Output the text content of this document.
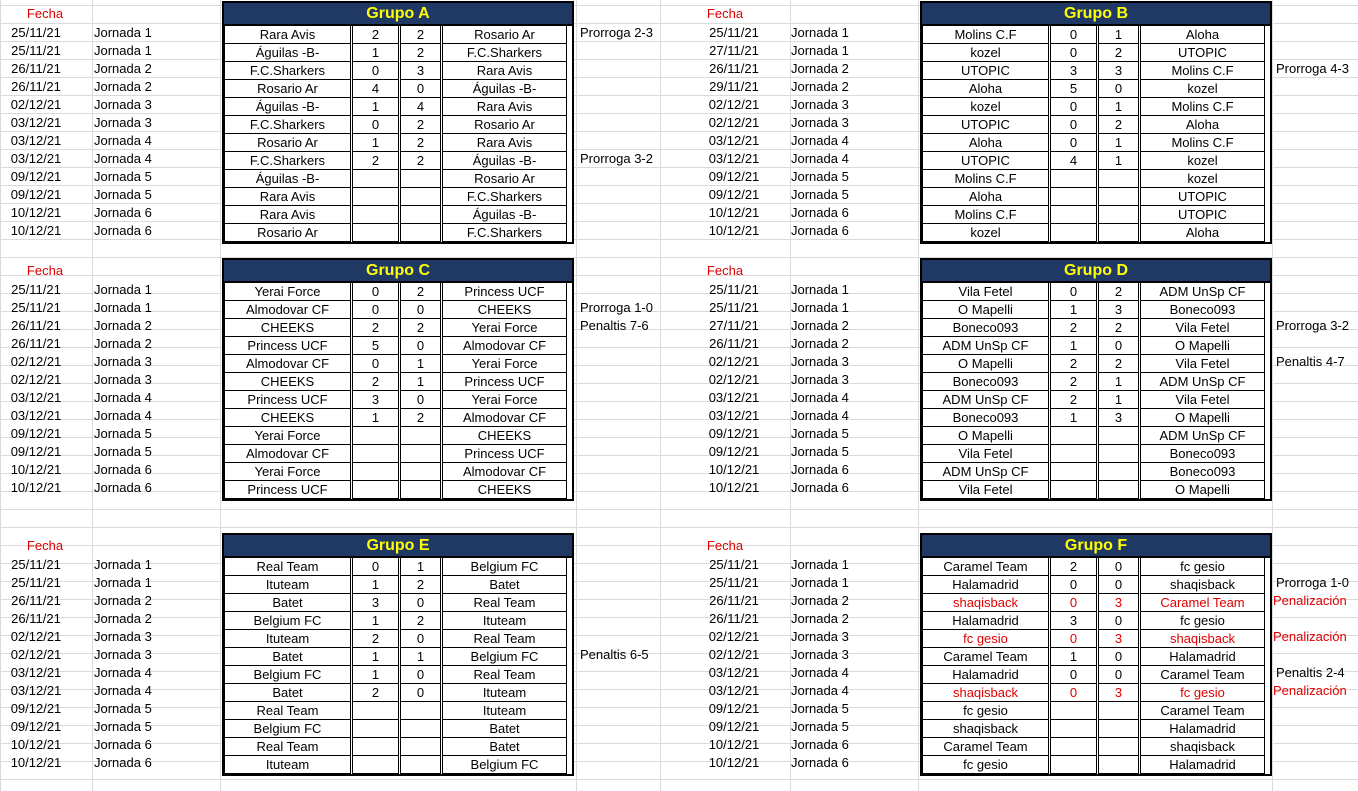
Fecha
25/11/21	Jornada 1	Prorroga 2-3
25/11/21	Jornada 1
26/11/21	Jornada 2
26/11/21	Jornada 2
02/12/21	Jornada 3
03/12/21	Jornada 3
03/12/21	Jornada 4
03/12/21	Jornada 4	Prorroga 3-2
09/12/21	Jornada 5
09/12/21	Jornada 5
10/12/21	Jornada 6
10/12/21	Jornada 6
Grupo A
Rara Avis	2	2	Rosario Ar
Águilas -B-	1	2	F.C.Sharkers
F.C.Sharkers	0	3	Rara Avis
Rosario Ar	4	0	Águilas -B-
Águilas -B-	1	4	Rara Avis
F.C.Sharkers	0	2	Rosario Ar
Rosario Ar	1	2	Rara Avis
F.C.Sharkers	2	2	Águilas -B-
Águilas -B-	Rosario Ar
Rara Avis	F.C.Sharkers
Rara Avis	Águilas -B-
Rosario Ar	F.C.Sharkers
Fecha
25/11/21	Jornada 1
27/11/21	Jornada 1
26/11/21	Jornada 2	Prorroga 4-3
29/11/21	Jornada 2
02/12/21	Jornada 3
02/12/21	Jornada 3
03/12/21	Jornada 4
03/12/21	Jornada 4
09/12/21	Jornada 5
09/12/21	Jornada 5
10/12/21	Jornada 6
10/12/21	Jornada 6
Grupo B
Molins C.F	0	1	Aloha
kozel	0	2	UTOPIC
UTOPIC	3	3	Molins C.F
Aloha	5	0	kozel
kozel	0	1	Molins C.F
UTOPIC	0	2	Aloha
Aloha	0	1	Molins C.F
UTOPIC	4	1	kozel
Molins C.F	kozel
Aloha	UTOPIC
Molins C.F	UTOPIC
kozel	Aloha
Fecha
25/11/21	Jornada 1
25/11/21	Jornada 1	Prorroga 1-0
26/11/21	Jornada 2	Penaltis 7-6
26/11/21	Jornada 2
02/12/21	Jornada 3
02/12/21	Jornada 3
03/12/21	Jornada 4
03/12/21	Jornada 4
09/12/21	Jornada 5
09/12/21	Jornada 5
10/12/21	Jornada 6
10/12/21	Jornada 6
Grupo C
Yerai Force	0	2	Princess UCF
Almodovar CF	0	0	CHEEKS
CHEEKS	2	2	Yerai Force
Princess UCF	5	0	Almodovar CF
Almodovar CF	0	1	Yerai Force
CHEEKS	2	1	Princess UCF
Princess UCF	3	0	Yerai Force
CHEEKS	1	2	Almodovar CF
Yerai Force	CHEEKS
Almodovar CF	Princess UCF
Yerai Force	Almodovar CF
Princess UCF	CHEEKS
Fecha
25/11/21	Jornada 1
25/11/21	Jornada 1
27/11/21	Jornada 2	Prorroga 3-2
26/11/21	Jornada 2
02/12/21	Jornada 3	Penaltis 4-7
02/12/21	Jornada 3
03/12/21	Jornada 4
03/12/21	Jornada 4
09/12/21	Jornada 5
09/12/21	Jornada 5
10/12/21	Jornada 6
10/12/21	Jornada 6
Grupo D
Vila Fetel	0	2	ADM UnSp CF
O Mapelli	1	3	Boneco093
Boneco093	2	2	Vila Fetel
ADM UnSp CF	1	0	O Mapelli
O Mapelli	2	2	Vila Fetel
Boneco093	2	1	ADM UnSp CF
ADM UnSp CF	2	1	Vila Fetel
Boneco093	1	3	O Mapelli
O Mapelli	ADM UnSp CF
Vila Fetel	Boneco093
ADM UnSp CF	Boneco093
Vila Fetel	O Mapelli
Fecha
25/11/21	Jornada 1
25/11/21	Jornada 1
26/11/21	Jornada 2
26/11/21	Jornada 2
02/12/21	Jornada 3
02/12/21	Jornada 3	Penaltis 6-5
03/12/21	Jornada 4
03/12/21	Jornada 4
09/12/21	Jornada 5
09/12/21	Jornada 5
10/12/21	Jornada 6
10/12/21	Jornada 6
Grupo E
Real Team	0	1	Belgium FC
Ituteam	1	2	Batet
Batet	3	0	Real Team
Belgium FC	1	2	Ituteam
Ituteam	2	0	Real Team
Batet	1	1	Belgium FC
Belgium FC	1	0	Real Team
Batet	2	0	Ituteam
Real Team	Ituteam
Belgium FC	Batet
Real Team	Batet
Ituteam	Belgium FC
Fecha
25/11/21	Jornada 1
25/11/21	Jornada 1	Prorroga 1-0
26/11/21	Jornada 2	Penalización
26/11/21	Jornada 2
02/12/21	Jornada 3	Penalización
02/12/21	Jornada 3
03/12/21	Jornada 4	Penaltis 2-4
03/12/21	Jornada 4	Penalización
09/12/21	Jornada 5
09/12/21	Jornada 5
10/12/21	Jornada 6
10/12/21	Jornada 6
Grupo F
Caramel Team	2	0	fc gesio
Halamadrid	0	0	shaqisback
shaqisback	0	3	Caramel Team
Halamadrid	3	0	fc gesio
fc gesio	0	3	shaqisback
Caramel Team	1	0	Halamadrid
Halamadrid	0	0	Caramel Team
shaqisback	0	3	fc gesio
fc gesio	Caramel Team
shaqisback	Halamadrid
Caramel Team	shaqisback
fc gesio	Halamadrid
